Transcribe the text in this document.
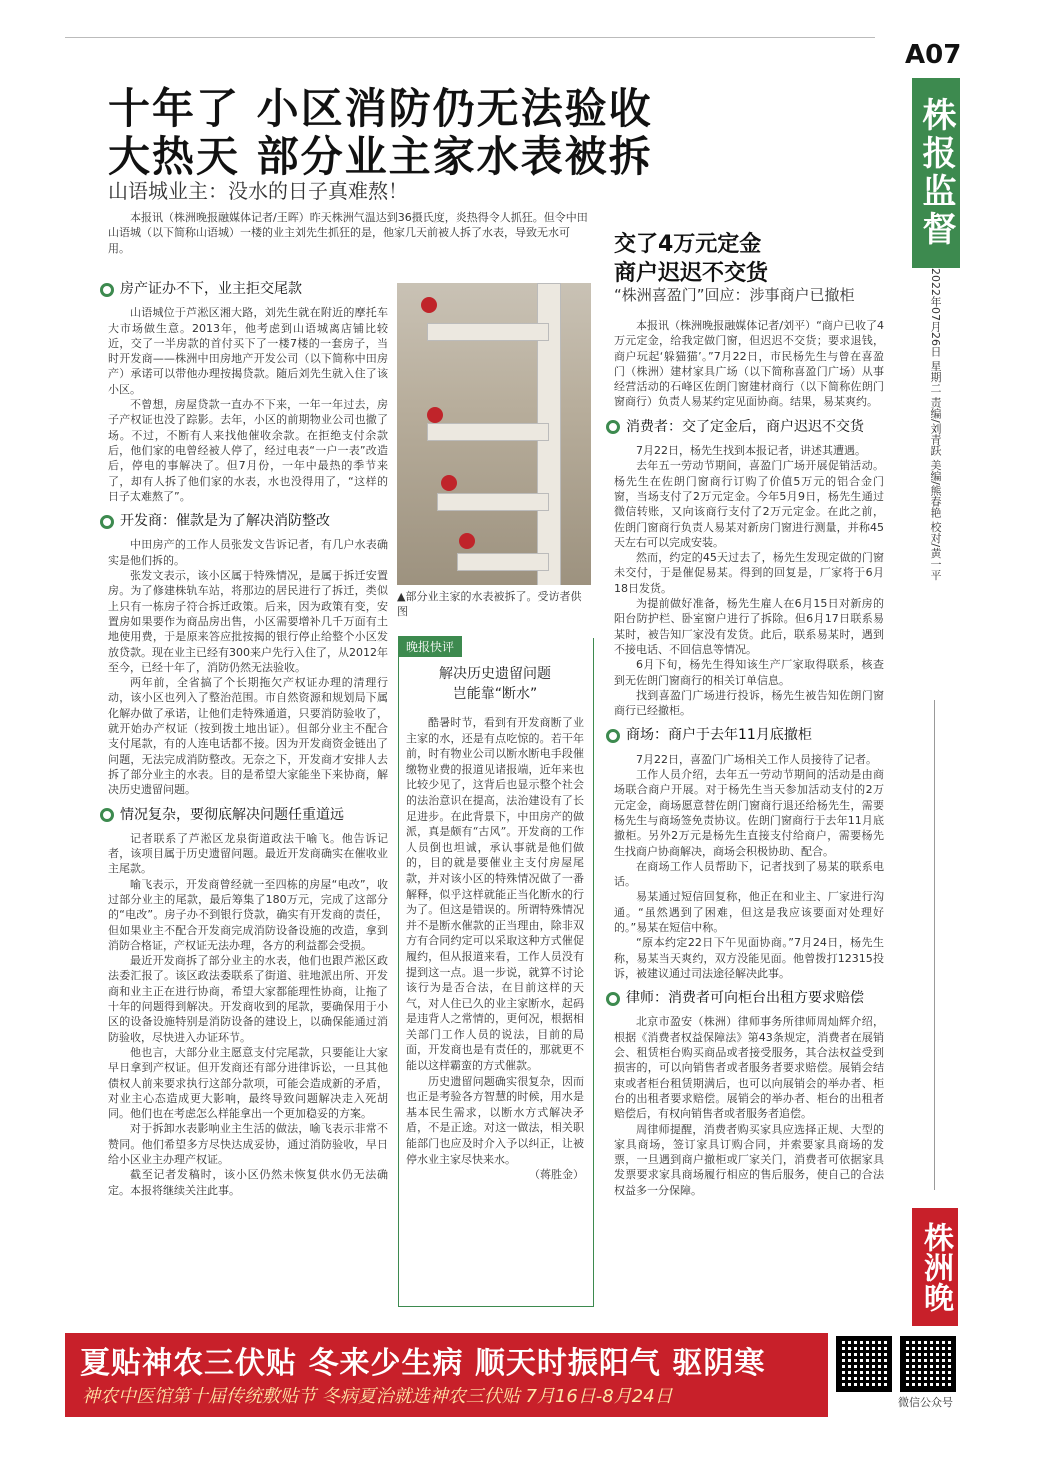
A07
株报监督
2022年07月26日 星期二 责编/刘青跃 美编/熊春艳 校对/黄一平
株洲晚报
十年了 小区消防仍无法验收
大热天 部分业主家水表被拆
山语城业主：没水的日子真难熬！

本报讯（株洲晚报融媒体记者/王晖）昨天株洲气温达到36摄氏度，炎热得令人抓狂。但令中田山语城（以下简称山语城）一楼的业主刘先生抓狂的是，他家几天前被人拆了水表，导致无水可用。

房产证办不下，业主拒交尾款

山语城位于芦淞区湘大路，刘先生就在附近的摩托车大市场做生意。2013年，他考虑到山语城离店铺比较近，交了一半房款的首付买下了一楼7楼的一套房子，当时开发商——株洲中田房地产开发公司（以下简称中田房产）承诺可以带他办理按揭贷款。随后刘先生就入住了该小区。

不曾想，房屋贷款一直办不下来，一年一年过去，房子产权证也没了踪影。去年，小区的前期物业公司也撤了场。不过，不断有人来找他催收余款。在拒绝支付余款后，他们家的电曾经被人停了，经过电表“一户一表”改造后，停电的事解决了。但7月份，一年中最热的季节来了，却有人拆了他们家的水表，水也没得用了，“这样的日子太难熬了”。

开发商：催款是为了解决消防整改

中田房产的工作人员张发文告诉记者，有几户水表确实是他们拆的。

张发文表示，该小区属于特殊情况，是属于拆迁安置房。为了修建株轨车站，将那边的居民进行了拆迁，类似上只有一栋房子符合拆迁政策。后来，因为政策有变，安置房如果要作为商品房出售，小区需要增补几千万面有土地使用费，于是原来答应批按揭的银行停止给整个小区发放贷款。现在业主已经有300来户先行入住了，从2012年至今，已经十年了，消防仍然无法验收。

两年前，全省搞了个长期拖欠产权证办理的清理行动，该小区也列入了整治范围。市自然资源和规划局下属化解办做了承诺，让他们走特殊通道，只要消防验收了，就开始办产权证（按到拨土地出证）。但部分业主不配合支付尾款，有的人连电话都不接。因为开发商资金链出了问题，无法完成消防整改。无奈之下，开发商才安排人去拆了部分业主的水表。目的是希望大家能坐下来协商，解决历史遗留问题。

情况复杂，要彻底解决问题任重道远

记者联系了芦淞区龙泉街道政法干喻飞。他告诉记者，该项目属于历史遗留问题。最近开发商确实在催收业主尾款。

喻飞表示，开发商曾经就一至四栋的房屋“电改”，收过部分业主的尾款，最后筹集了180万元，完成了这部分的“电改”。房子办不到银行贷款，确实有开发商的责任，但如果业主不配合开发商完成消防设备设施的改造，拿到消防合格证，产权证无法办理，各方的利益都会受损。

最近开发商拆了部分业主的水表，他们也跟芦淞区政法委汇报了。该区政法委联系了街道、驻地派出所、开发商和业主正在进行协商，希望大家都能理性协商，让拖了十年的问题得到解决。开发商收到的尾款，要确保用于小区的设备设施特别是消防设备的建设上，以确保能通过消防验收，尽快进入办证环节。

他也言，大部分业主愿意支付完尾款，只要能让大家早日拿到产权证。但开发商还有部分进律诉讼，一旦其他债权人前来要求执行这部分款项，可能会造成新的矛盾，对业主心态造成更大影响，最终导致问题解决走入死胡同。他们也在考虑怎么样能拿出一个更加稳妥的方案。

对于拆卸水表影响业主生活的做法，喻飞表示非常不赞同。他们希望多方尽快达成妥协，通过消防验收，早日给小区业主办理产权证。

截至记者发稿时，该小区仍然未恢复供水仍无法确定。本报将继续关注此事。

▲部分业主家的水表被拆了。受访者供图
晚报快评
解决历史遗留问题
岂能靠“断水”

酷暑时节，看到有开发商断了业主家的水，还是有点吃惊的。若干年前，时有物业公司以断水断电手段催缴物业费的报道见诸报端，近年来也比较少见了，这背后也显示整个社会的法治意识在提高，法治建设有了长足进步。在此背景下，中田房产的做派，真是颇有“古风”。开发商的工作人员倒也坦诚，承认事就是他们做的，目的就是要催业主支付房屋尾款，并对该小区的特殊情况做了一番解释，似乎这样就能正当化断水的行为了。但这是错误的。所谓特殊情况并不是断水催款的正当理由，除非双方有合同约定可以采取这种方式催促履约，但从报道来看，工作人员没有提到这一点。退一步说，就算不讨论该行为是否合法，在目前这样的天气，对人住已久的业主家断水，起码是违背人之常情的，更何况，根据相关部门工作人员的说法，目前的局面，开发商也是有责任的，那就更不能以这样霸蛮的方式催款。

历史遗留问题确实很复杂，因而也正是考验各方智慧的时候，用水是基本民生需求，以断水方式解决矛盾，不是正途。对这一做法，相关职能部门也应及时介入予以纠正，让被停水业主家尽快来水。

（蒋胜金）

交了4万元定金
商户迟迟不交货
“株洲喜盈门”回应：涉事商户已撤柜

本报讯（株洲晚报融媒体记者/刘平）“商户已收了4万元定金，给我定做门窗，但迟迟不交货；要求退钱，商户玩起‘躲猫猫’。”7月22日，市民杨先生与曾在喜盈门（株洲）建材家具广场（以下简称喜盈门广场）从事经营活动的石峰区佐朗门窗建材商行（以下简称佐朗门窗商行）负责人易某约定见面协商。结果，易某爽约。

消费者：交了定金后，商户迟迟不交货

7月22日，杨先生找到本报记者，讲述其遭遇。

去年五一劳动节期间，喜盈门广场开展促销活动。杨先生在佐朗门窗商行订购了价值5万元的铝合金门窗，当场支付了2万元定金。今年5月9日，杨先生通过微信转账，又向该商行支付了2万元定金。在此之前，佐朗门窗商行负责人易某对新房门窗进行测量，并称45天左右可以完成安装。

然而，约定的45天过去了，杨先生发现定做的门窗未交付，于是催促易某。得到的回复是，厂家将于6月18日发货。

为提前做好准备，杨先生雇人在6月15日对新房的阳台防护栏、卧室窗户进行了拆除。但6月17日联系易某时，被告知厂家没有发货。此后，联系易某时，遇到不接电话、不回信息等情况。

6月下旬，杨先生得知该生产厂家取得联系，核查到无佐朗门窗商行的相关订单信息。

找到喜盈门广场进行投诉，杨先生被告知佐朗门窗商行已经撤柜。

商场：商户于去年11月底撤柜

7月22日，喜盈门广场相关工作人员接待了记者。

工作人员介绍，去年五一劳动节期间的活动是由商场联合商户开展。对于杨先生当天参加活动支付的2万元定金，商场愿意替佐朗门窗商行退还给杨先生，需要杨先生与商场签免责协议。佐朗门窗商行于去年11月底撤柜。另外2万元是杨先生直接支付给商户，需要杨先生找商户协商解决，商场会积极协助、配合。

在商场工作人员帮助下，记者找到了易某的联系电话。

易某通过短信回复称，他正在和业主、厂家进行沟通。“虽然遇到了困难，但这是我应该要面对处理好的。”易某在短信中称。

“原本约定22日下午见面协商。”7月24日，杨先生称，易某当天爽约，双方没能见面。他曾拨打12315投诉，被建议通过司法途径解决此事。

律师：消费者可向柜台出租方要求赔偿

北京市盈安（株洲）律师事务所律师周灿辉介绍，根据《消费者权益保障法》第43条规定，消费者在展销会、租赁柜台购买商品或者接受服务，其合法权益受到损害的，可以向销售者或者服务者要求赔偿。展销会结束或者柜台租赁期满后，也可以向展销会的举办者、柜台的出租者要求赔偿。展销会的举办者、柜台的出租者赔偿后，有权向销售者或者服务者追偿。

周律师提醒，消费者购买家具应选择正规、大型的家具商场，签订家具订购合同，并索要家具商场的发票，一旦遇到商户撤柜或厂家关门，消费者可依据家具发票要求家具商场履行相应的售后服务，使自己的合法权益多一分保障。

夏贴神农三伏贴 冬来少生病 顺天时振阳气 驱阴寒
神农中医馆第十届传统敷贴节 冬病夏治就选神农三伏贴 7月16日-8月24日	微信公众号
